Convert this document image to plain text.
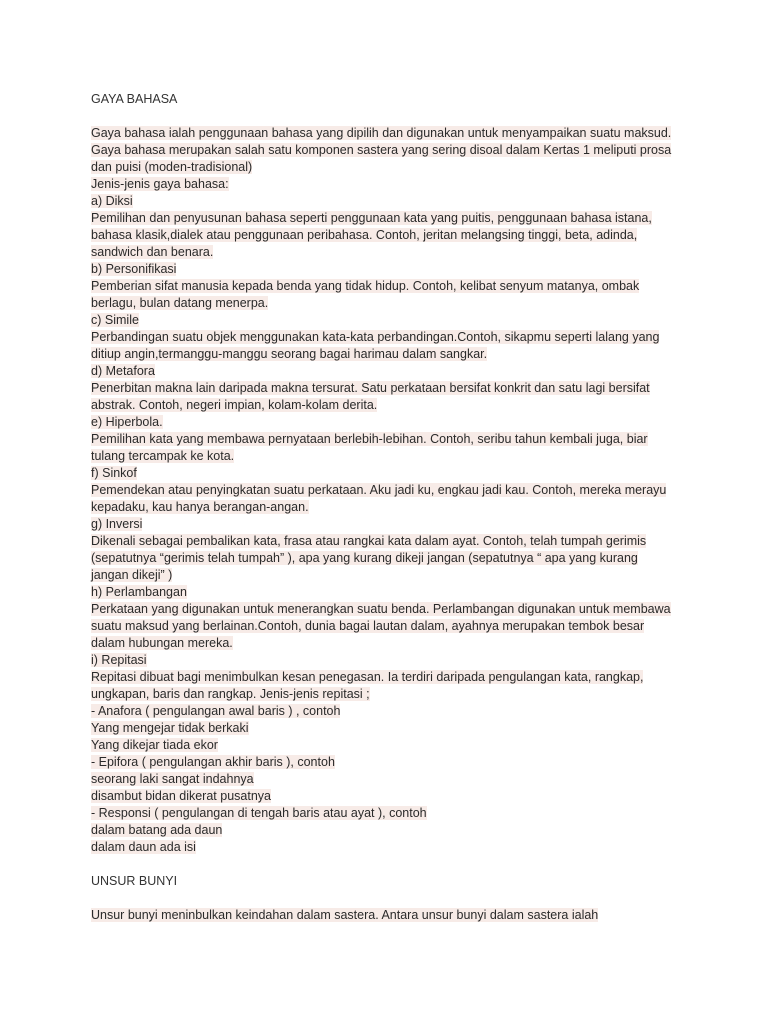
GAYA BAHASA
Gaya bahasa ialah penggunaan bahasa yang dipilih dan digunakan untuk menyampaikan suatu maksud.
Gaya bahasa merupakan salah satu komponen sastera yang sering disoal dalam Kertas 1 meliputi prosa
dan puisi (moden-tradisional)
Jenis-jenis gaya bahasa:
a) Diksi
Pemilihan dan penyusunan bahasa seperti penggunaan kata yang puitis, penggunaan bahasa istana,
bahasa klasik,dialek atau penggunaan peribahasa. Contoh, jeritan melangsing tinggi, beta, adinda,
sandwich dan benara.
b) Personifikasi
Pemberian sifat manusia kepada benda yang tidak hidup. Contoh, kelibat senyum matanya, ombak
berlagu, bulan datang menerpa.
c) Simile
Perbandingan suatu objek menggunakan kata-kata perbandingan.Contoh, sikapmu seperti lalang yang
ditiup angin,termanggu-manggu seorang bagai harimau dalam sangkar.
d) Metafora
Penerbitan makna lain daripada makna tersurat. Satu perkataan bersifat konkrit dan satu lagi bersifat
abstrak. Contoh, negeri impian, kolam-kolam derita.
e) Hiperbola.
Pemilihan kata yang membawa pernyataan berlebih-lebihan. Contoh, seribu tahun kembali juga, biar
tulang tercampak ke kota.
f) Sinkof
Pemendekan atau penyingkatan suatu perkataan. Aku jadi ku, engkau jadi kau. Contoh, mereka merayu
kepadaku, kau hanya berangan-angan.
g) Inversi
Dikenali sebagai pembalikan kata, frasa atau rangkai kata dalam ayat. Contoh, telah tumpah gerimis
(sepatutnya “gerimis telah tumpah” ), apa yang kurang dikeji jangan (sepatutnya “ apa yang kurang
jangan dikeji” )
h) Perlambangan
Perkataan yang digunakan untuk menerangkan suatu benda. Perlambangan digunakan untuk membawa
suatu maksud yang berlainan.Contoh, dunia bagai lautan dalam, ayahnya merupakan tembok besar
dalam hubungan mereka.
i) Repitasi
Repitasi dibuat bagi menimbulkan kesan penegasan. Ia terdiri daripada pengulangan kata, rangkap,
ungkapan, baris dan rangkap. Jenis-jenis repitasi ;
- Anafora ( pengulangan awal baris ) , contoh
Yang mengejar tidak berkaki
Yang dikejar tiada ekor
- Epifora ( pengulangan akhir baris ), contoh
seorang laki sangat indahnya
disambut bidan dikerat pusatnya
- Responsi ( pengulangan di tengah baris atau ayat ), contoh
dalam batang ada daun
dalam daun ada isi
UNSUR BUNYI
Unsur bunyi meninbulkan keindahan dalam sastera. Antara unsur bunyi dalam sastera ialah
